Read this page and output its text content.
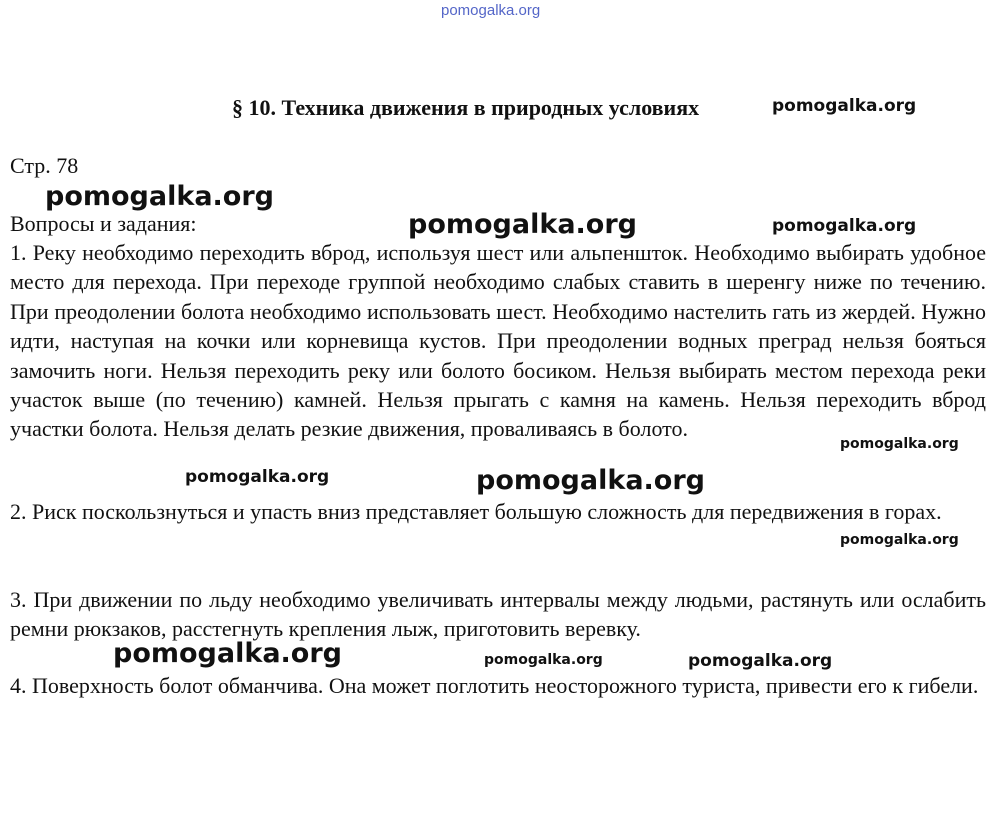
pomogalka.org
§ 10. Техника движения в природных условиях	pomogalka.org
Стр. 78
pomogalka.org
Вопросы и задания:	pomogalka.org	pomogalka.org

1. Реку необходимо переходить вброд, используя шест или альпеншток. Необходимо выбирать удобное место для перехода. При переходе группой необходимо слабых ставить в шеренгу ниже по течению. При преодолении болота необходимо использовать шест. Необходимо настелить гать из жердей. Нужно идти, наступая на кочки или корневища кустов. При преодолении водных преград нельзя бояться замочить ноги. Нельзя переходить реку или болото босиком. Нельзя выбирать местом перехода реки участок выше (по течению) камней. Нельзя прыгать с камня на камень. Нельзя переходить вброд участки болота. Нельзя делать резкие движения, проваливаясь в болото.

pomogalka.org
pomogalka.org	pomogalka.org

2. Риск поскользнуться и упасть вниз представляет большую сложность для передвижения в горах.

pomogalka.org

3. При движении по льду необходимо увеличивать интервалы между людьми, растянуть или ослабить ремни рюкзаков, расстегнуть крепления лыж, приготовить веревку.

pomogalka.org	pomogalka.org	pomogalka.org

4. Поверхность болот обманчива. Она может поглотить неосторожного туриста, привести его к гибели.
